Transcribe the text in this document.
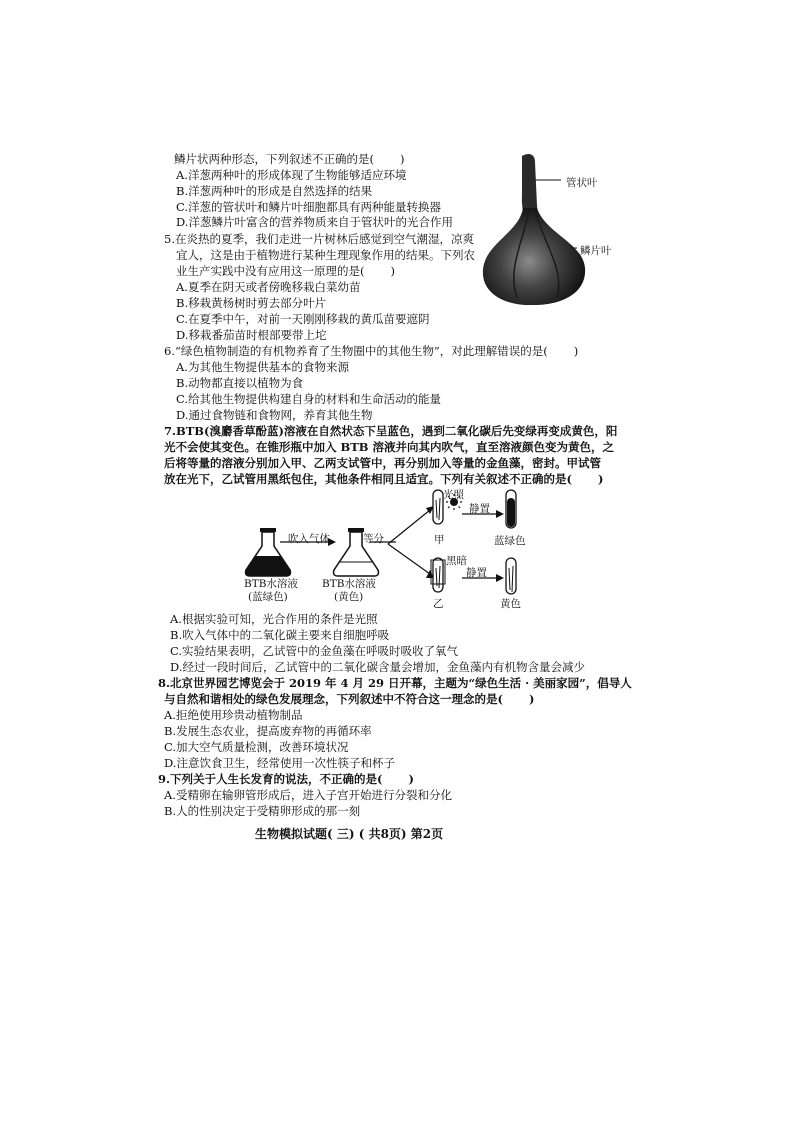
鳞片状两种形态，下列叙述不正确的是( )
A.洋葱两种叶的形成体现了生物能够适应环境
B.洋葱两种叶的形成是自然选择的结果
C.洋葱的管状叶和鳞片叶细胞都具有两种能量转换器
D.洋葱鳞片叶富含的营养物质来自于管状叶的光合作用
管状叶
鳞片叶
5.在炎热的夏季，我们走进一片树林后感觉到空气潮湿，凉爽
宜人，这是由于植物进行某种生理现象作用的结果。下列农
业生产实践中没有应用这一原理的是( )
A.夏季在阴天或者傍晚移栽白菜幼苗
B.移栽黄杨树时剪去部分叶片
C.在夏季中午，对前一天刚刚移栽的黄瓜苗要遮阴
D.移栽番茄苗时根部要带上坨
6.“绿色植物制造的有机物养育了生物圈中的其他生物”，对此理解错误的是( )
A.为其他生物提供基本的食物来源
B.动物都直接以植物为食
C.给其他生物提供构建自身的材料和生命活动的能量
D.通过食物链和食物网，养育其他生物
7.BTB(溴麝香草酚蓝)溶液在自然状态下呈蓝色，遇到二氧化碳后先变绿再变成黄色，阳
光不会使其变色。在锥形瓶中加入 BTB 溶液并向其内吹气，直至溶液颜色变为黄色，之
后将等量的溶液分别加入甲、乙两支试管中，再分别加入等量的金鱼藻，密封。甲试管
放在光下，乙试管用黑纸包住，其他条件相同且适宜。下列有关叙述不正确的是( )
吹入气体	等分
BTB水溶液
(蓝绿色)
BTB水溶液
(黄色)
光照
静置
甲	蓝绿色
黑暗
静置
乙	黄色
A.根据实验可知，光合作用的条件是光照
B.吹入气体中的二氧化碳主要来自细胞呼吸
C.实验结果表明，乙试管中的金鱼藻在呼吸时吸收了氧气
D.经过一段时间后，乙试管中的二氧化碳含量会增加，金鱼藻内有机物含量会减少
8.北京世界园艺博览会于 2019 年 4 月 29 日开幕，主题为“绿色生活 · 美丽家园”，倡导人
与自然和谐相处的绿色发展理念，下列叙述中不符合这一理念的是( )
A.拒绝使用珍贵动植物制品
B.发展生态农业，提高废弃物的再循环率
C.加大空气质量检测，改善环境状况
D.注意饮食卫生，经常使用一次性筷子和杯子
9.下列关于人生长发育的说法，不正确的是( )
A.受精卵在输卵管形成后，进入子宫开始进行分裂和分化
B.人的性别决定于受精卵形成的那一刻
生物模拟试题( 三) ( 共8页) 第2页
